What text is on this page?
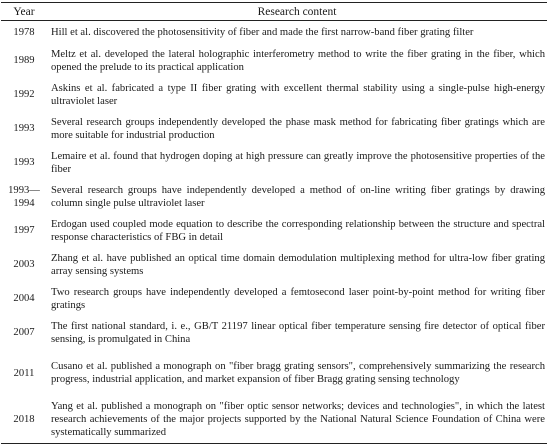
Year	Research content
1978	Hill et al. discovered the photosensitivity of fiber and made the first narrow-band fiber grating filter
1989	Meltz et al. developed the lateral holographic interferometry method to write the fiber grating in the fiber, which opened the prelude to its practical application
1992	Askins et al. fabricated a type II fiber grating with excellent thermal stability using a single-pulse high-energy ultraviolet laser
1993	Several research groups independently developed the phase mask method for fabricating fiber gratings which are more suitable for industrial production
1993	Lemaire et al. found that hydrogen doping at high pressure can greatly improve the photosensitive properties of the fiber
1993—1994	Several research groups have independently developed a method of on-line writing fiber gratings by drawing column single pulse ultraviolet laser
1997	Erdogan used coupled mode equation to describe the corresponding relationship between the structure and spectral response characteristics of FBG in detail
2003	Zhang et al. have published an optical time domain demodulation multiplexing method for ultra-low fiber grating array sensing systems
2004	Two research groups have independently developed a femtosecond laser point-by-point method for writing fiber gratings
2007	The first national standard, i. e., GB/T 21197 linear optical fiber temperature sensing fire detector of optical fiber sensing, is promulgated in China
2011	Cusano et al. published a monograph on "fiber bragg grating sensors", comprehensively summarizing the research progress, industrial application, and market expansion of fiber Bragg grating sensing technology
2018	Yang et al. published a monograph on "fiber optic sensor networks; devices and technologies", in which the latest research achievements of the major projects supported by the National Natural Science Foundation of China were systematically summarized
